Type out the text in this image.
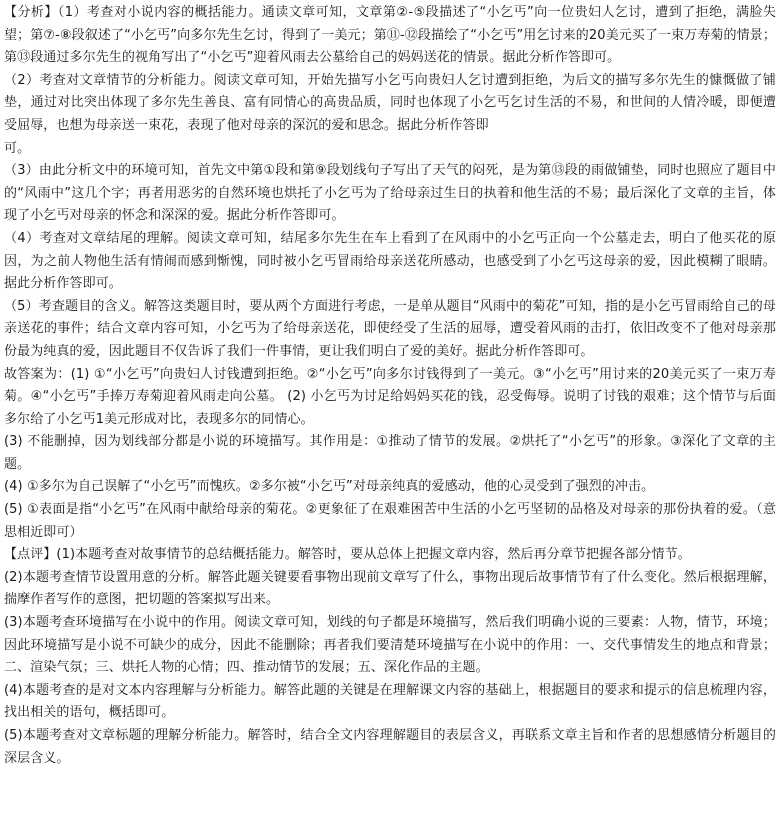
【分析】（1）考查对小说内容的概括能力。通读文章可知，文章第②-⑤段描述了“小乞丐”向一位贵妇人乞讨，遭到了拒绝，满脸失望；第⑦-⑧段叙述了“小乞丐”向多尔先生乞讨，得到了一美元；第⑪-⑫段描绘了“小乞丐”用乞讨来的20美元买了一束万寿菊的情景；第⑬段通过多尔先生的视角写出了“小乞丐”迎着风雨去公墓给自己的妈妈送花的情景。据此分析作答即可。

（2）考查对文章情节的分析能力。阅读文章可知，开始先描写小乞丐向贵妇人乞讨遭到拒绝，为后文的描写多尔先生的慷慨做了铺垫，通过对比突出体现了多尔先生善良、富有同情心的高贵品质，同时也体现了小乞丐乞讨生活的不易，和世间的人情冷暖，即便遭受屈辱，也想为母亲送一束花，表现了他对母亲的深沉的爱和思念。据此分析作答即

可。

（3）由此分析文中的环境可知，首先文中第①段和第⑨段划线句子写出了天气的闷死，是为第⑬段的雨做铺垫，同时也照应了题目中的“风雨中”这几个字；再者用恶劣的自然环境也烘托了小乞丐为了给母亲过生日的执着和他生活的不易；最后深化了文章的主旨，体现了小乞丐对母亲的怀念和深深的爱。据此分析作答即可。

（4）考查对文章结尾的理解。阅读文章可知，结尾多尔先生在车上看到了在风雨中的小乞丐正向一个公墓走去，明白了他买花的原因，为之前人物他生活有情闹而感到惭愧，同时被小乞丐冒雨给母亲送花所感动，也感受到了小乞丐这母亲的爱，因此模糊了眼睛。据此分析作答即可。

（5）考查题目的含义。解答这类题目时，要从两个方面进行考虑，一是单从题目“风雨中的菊花”可知，指的是小乞丐冒雨给自己的母亲送花的事件；结合文章内容可知，小乞丐为了给母亲送花，即使经受了生活的屈辱，遭受着风雨的击打，依旧改变不了他对母亲那份最为纯真的爱，因此题目不仅告诉了我们一件事情，更让我们明白了爱的美好。据此分析作答即可。

故答案为：(1) ①“小乞丐”向贵妇人讨钱遭到拒绝。②“小乞丐”向多尔讨钱得到了一美元。③“小乞丐”用讨来的20美元买了一束万寿菊。④“小乞丐”手捧万寿菊迎着风雨走向公墓。 (2) 小乞丐为讨足给妈妈买花的钱，忍受侮辱。说明了讨钱的艰难；这个情节与后面多尔给了小乞丐1美元形成对比，表现多尔的同情心。

(3) 不能删掉，因为划线部分都是小说的环境描写。其作用是：①推动了情节的发展。②烘托了“小乞丐”的形象。③深化了文章的主题。

(4) ①多尔为自己误解了“小乞丐”而愧疚。②多尔被“小乞丐”对母亲纯真的爱感动，他的心灵受到了强烈的冲击。

(5) ①表面是指“小乞丐”在风雨中献给母亲的菊花。②更象征了在艰难困苦中生活的小乞丐坚韧的品格及对母亲的那份执着的爱。（意思相近即可）

【点评】(1)本题考查对故事情节的总结概括能力。解答时，要从总体上把握文章内容，然后再分章节把握各部分情节。

(2)本题考查情节设置用意的分析。解答此题关键要看事物出现前文章写了什么，事物出现后故事情节有了什么变化。然后根据理解，揣摩作者写作的意图，把切题的答案拟写出来。

(3)本题考查环境描写在小说中的作用。阅读文章可知，划线的句子都是环境描写，然后我们明确小说的三要素：人物，情节，环境；因此环境描写是小说不可缺少的成分，因此不能删除；再者我们要清楚环境描写在小说中的作用：一、交代事情发生的地点和背景；二、渲染气氛；三、烘托人物的心情；四、推动情节的发展；五、深化作品的主题。

(4)本题考查的是对文本内容理解与分析能力。解答此题的关键是在理解课文内容的基础上，根据题目的要求和提示的信息梳理内容，找出相关的语句，概括即可。

(5)本题考查对文章标题的理解分析能力。解答时，结合全文内容理解题目的表层含义，再联系文章主旨和作者的思想感情分析题目的深层含义。
